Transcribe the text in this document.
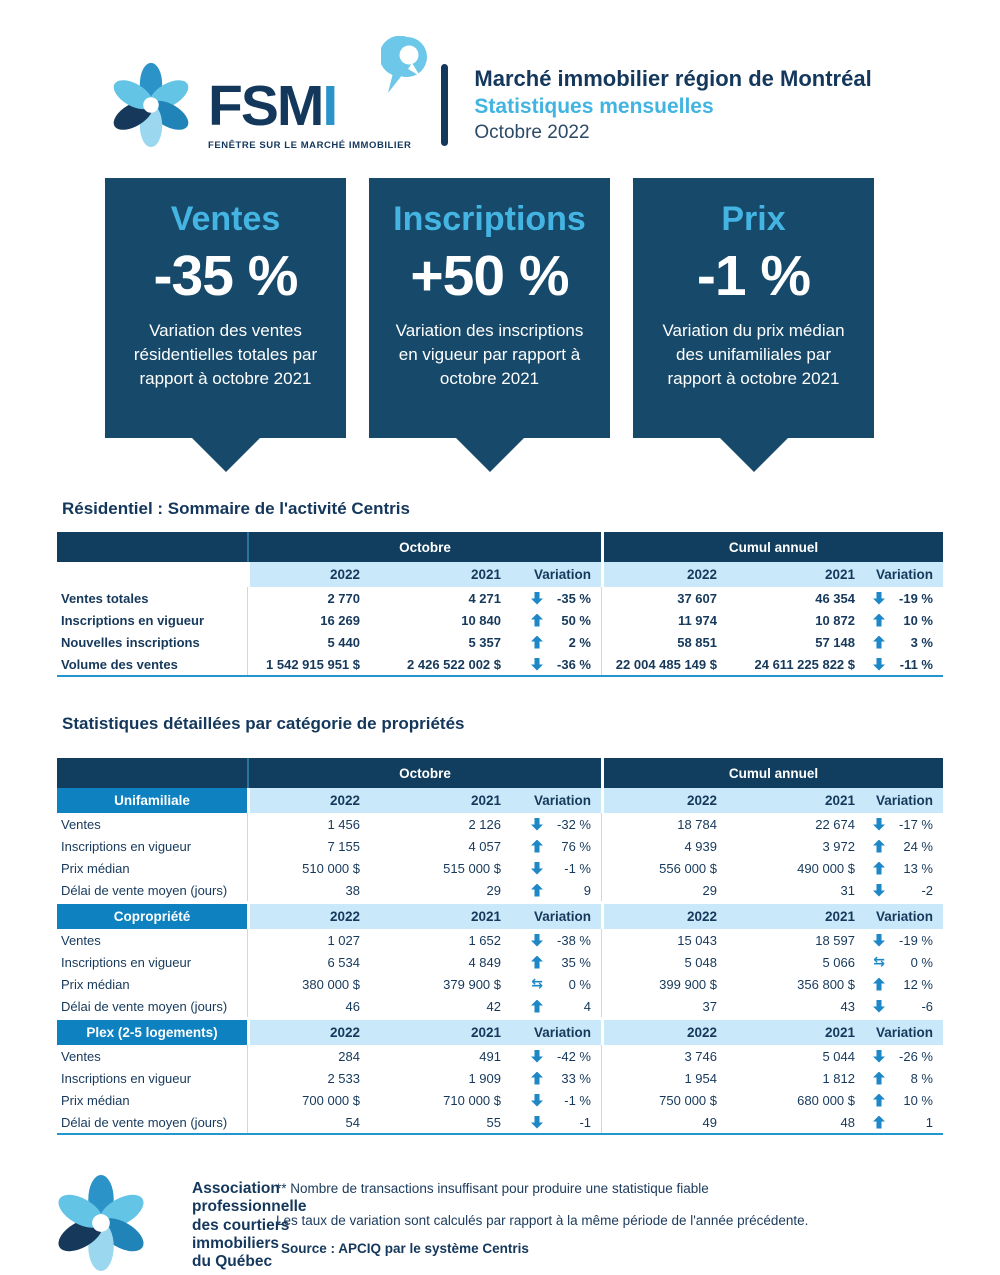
FSMI
FENÊTRE SUR LE MARCHÉ IMMOBILIER
Marché immobilier région de Montréal
Statistiques mensuelles
Octobre 2022
Ventes
-35 %
Variation des ventes résidentielles totales par rapport à octobre 2021
Inscriptions
+50 %
Variation des inscriptions en vigueur par rapport à octobre 2021
Prix
-1 %
Variation du prix médian des unifamiliales par rapport à octobre 2021
Résidentiel : Sommaire de l'activité Centris
Octobre	Cumul annuel
2022	2021	Variation	2022	2021	Variation
Ventes totales	2 770	4 271	-35 %	37 607	46 354	-19 %
Inscriptions en vigueur	16 269	10 840	50 %	11 974	10 872	10 %
Nouvelles inscriptions	5 440	5 357	2 %	58 851	57 148	3 %
Volume des ventes	1 542 915 951 $	2 426 522 002 $	-36 %	22 004 485 149 $	24 611 225 822 $	-11 %
Statistiques détaillées par catégorie de propriétés
Octobre	Cumul annuel
Unifamiliale	2022	2021	Variation	2022	2021	Variation
Ventes	1 456	2 126	-32 %	18 784	22 674	-17 %
Inscriptions en vigueur	7 155	4 057	76 %	4 939	3 972	24 %
Prix médian	510 000 $	515 000 $	-1 %	556 000 $	490 000 $	13 %
Délai de vente moyen (jours)	38	29	9	29	31	-2
Copropriété	2022	2021	Variation	2022	2021	Variation
Ventes	1 027	1 652	-38 %	15 043	18 597	-19 %
Inscriptions en vigueur	6 534	4 849	35 %	5 048	5 066	⇆	0 %
Prix médian	380 000 $	379 900 $	⇆	0 %	399 900 $	356 800 $	12 %
Délai de vente moyen (jours)	46	42	4	37	43	-6
Plex (2-5 logements)	2022	2021	Variation	2022	2021	Variation
Ventes	284	491	-42 %	3 746	5 044	-26 %
Inscriptions en vigueur	2 533	1 909	33 %	1 954	1 812	8 %
Prix médian	700 000 $	710 000 $	-1 %	750 000 $	680 000 $	10 %
Délai de vente moyen (jours)	54	55	-1	49	48	1
Association
professionnelle
des courtiers
immobiliers
du Québec
** Nombre de transactions insuffisant pour produire une statistique fiable
Les taux de variation sont calculés par rapport à la même période de l'année précédente.
Source : APCIQ par le système Centris
